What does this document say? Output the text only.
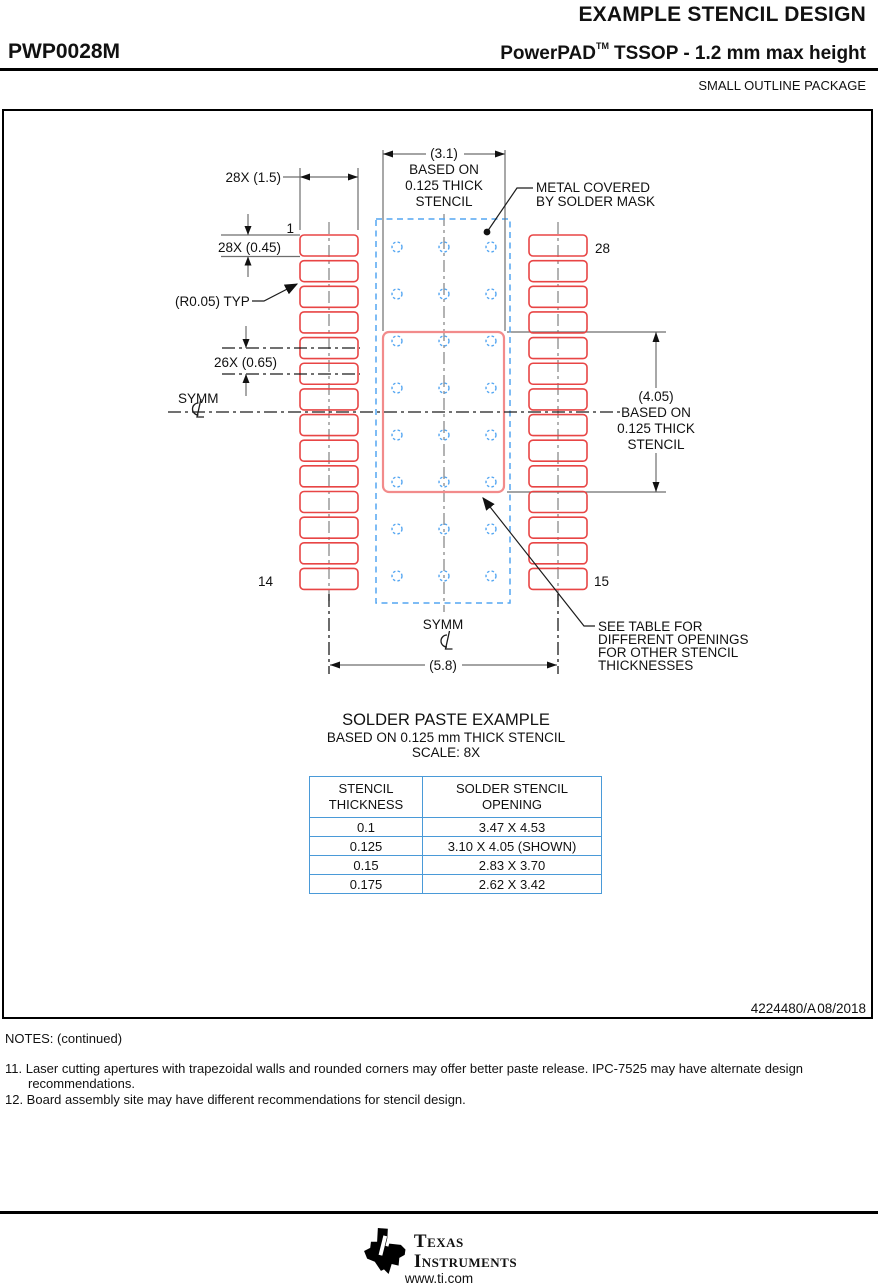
EXAMPLE STENCIL DESIGN
PWP0028M	PowerPAD™ TSSOP - 1.2 mm max height
SMALL OUTLINE PACKAGE
(3.1)
BASED ON
0.125 THICK
STENCIL
28X (1.5)
28X (0.45)
1
28
14	15
(R0.05) TYP
26X (0.65)
SYMM
METAL COVERED
BY SOLDER MASK
(4.05)
BASED ON
0.125 THICK
STENCIL
SYMM
(5.8)
SEE TABLE FOR
DIFFERENT OPENINGS
FOR OTHER STENCIL
THICKNESSES
SOLDER PASTE EXAMPLE
BASED ON 0.125 mm THICK STENCIL
SCALE: 8X
4224480/A 08/2018
STENCIL THICKNESS	SOLDER STENCIL OPENING
0.1	3.47 X 4.53
0.125	3.10 X 4.05 (SHOWN)
0.15	2.83 X 3.70
0.175	2.62 X 3.42
NOTES: (continued)
11. Laser cutting apertures with trapezoidal walls and rounded corners may offer better paste release. IPC-7525 may have alternate design recommendations.
12. Board assembly site may have different recommendations for stencil design.
Texas
Instruments
www.ti.com
